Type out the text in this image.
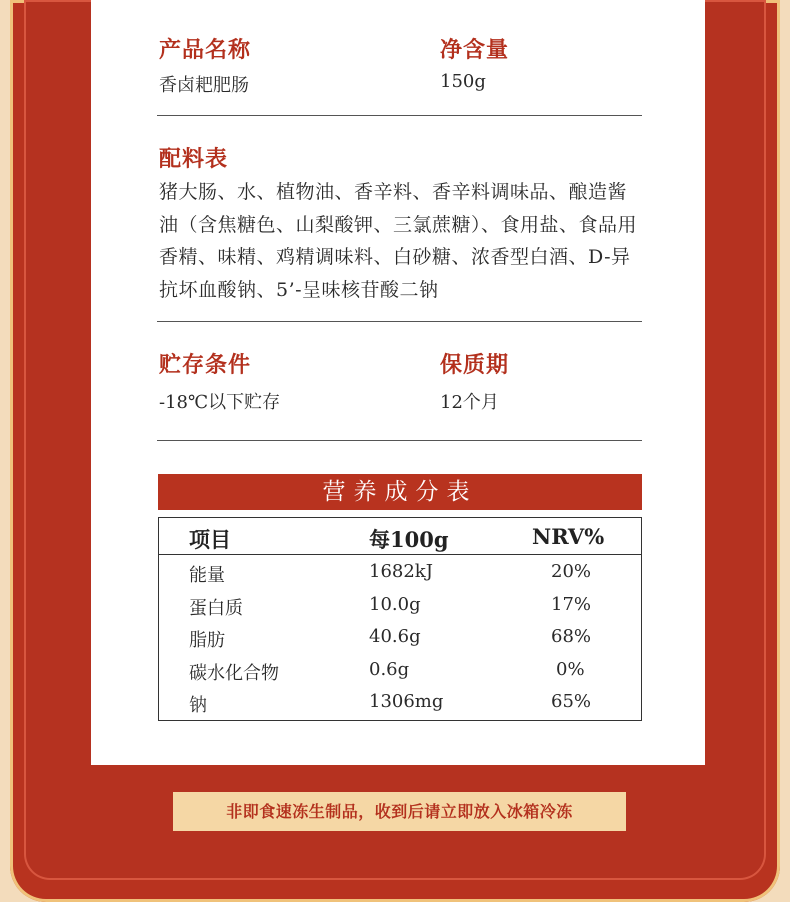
产品名称
香卤耙肥肠
净含量
150g
配料表
猪大肠、水、植物油、香辛料、香辛料调味品、酿造酱油（含焦糖色、山梨酸钾、三氯蔗糖）、食用盐、食品用香精、味精、鸡精调味料、白砂糖、浓香型白酒、D-异抗坏血酸钠、5’-呈味核苷酸二钠
贮存条件
-18℃以下贮存
保质期
12个月
营养成分表
项目	每100g	NRV%
能量	1682kJ	20%
蛋白质	10.0g	17%
脂肪	40.6g	68%
碳水化合物	0.6g	0%
钠	1306mg	65%
非即食速冻生制品，收到后请立即放入冰箱冷冻
